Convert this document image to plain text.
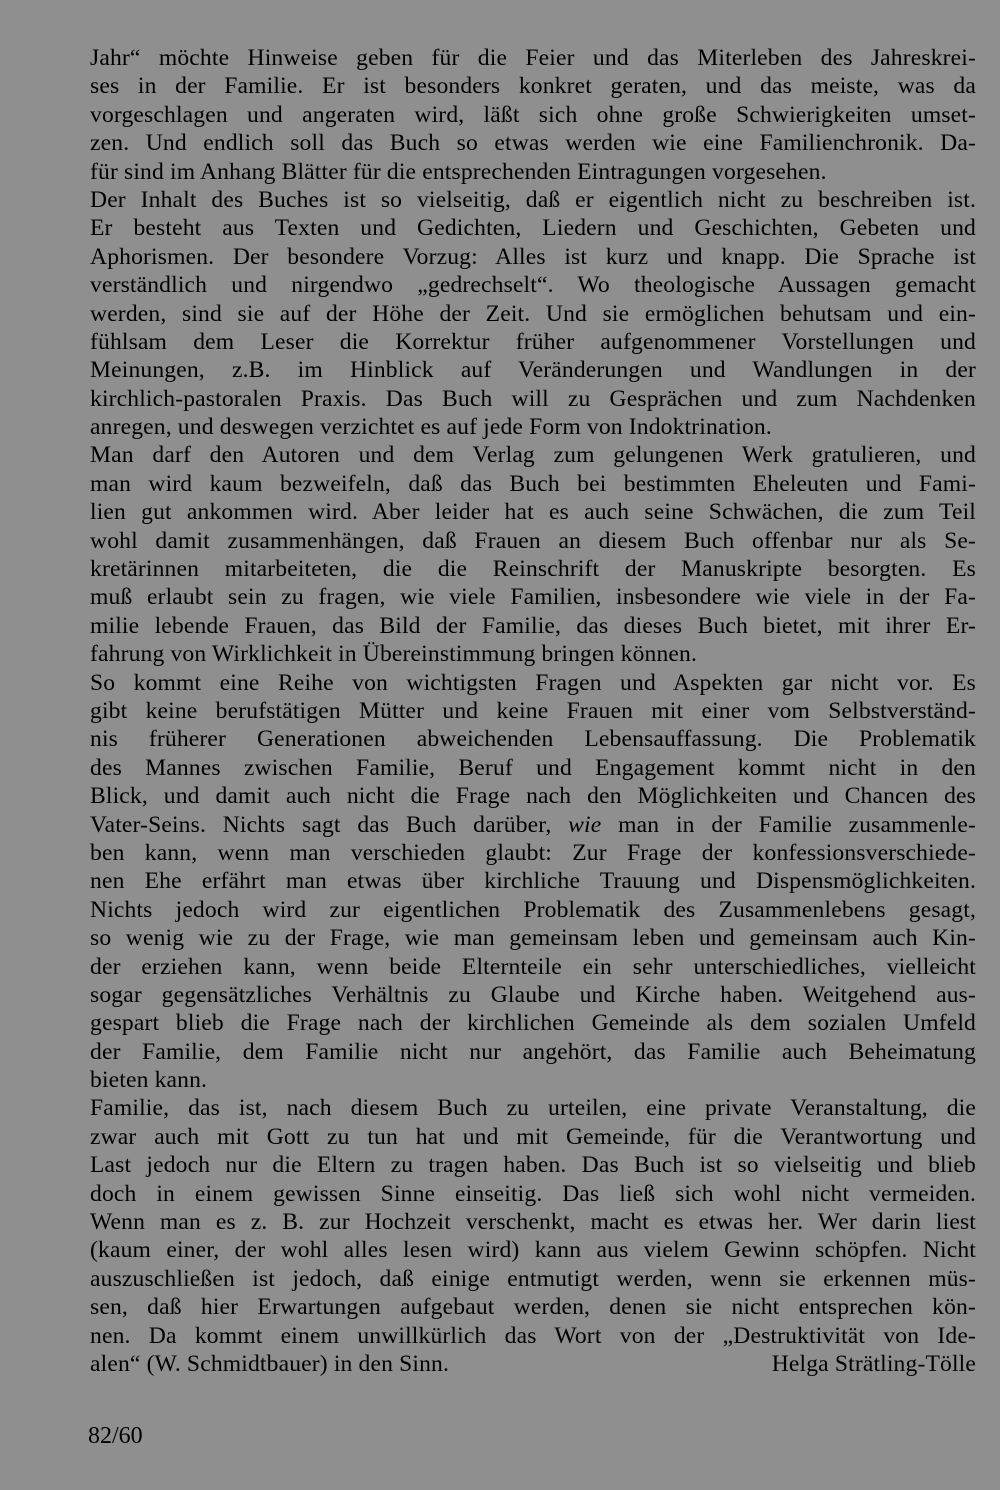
Jahr“ möchte Hinweise geben für die Feier und das Miterleben des Jahreskrei-
ses in der Familie. Er ist besonders konkret geraten, und das meiste, was da
vorgeschlagen und angeraten wird, läßt sich ohne große Schwierigkeiten umset-
zen. Und endlich soll das Buch so etwas werden wie eine Familienchronik. Da-
für sind im Anhang Blätter für die entsprechenden Eintragungen vorgesehen.
Der Inhalt des Buches ist so vielseitig, daß er eigentlich nicht zu beschreiben ist.
Er besteht aus Texten und Gedichten, Liedern und Geschichten, Gebeten und
Aphorismen. Der besondere Vorzug: Alles ist kurz und knapp. Die Sprache ist
verständlich und nirgendwo „gedrechselt“. Wo theologische Aussagen gemacht
werden, sind sie auf der Höhe der Zeit. Und sie ermöglichen behutsam und ein-
fühlsam dem Leser die Korrektur früher aufgenommener Vorstellungen und
Meinungen, z.B. im Hinblick auf Veränderungen und Wandlungen in der
kirchlich-pastoralen Praxis. Das Buch will zu Gesprächen und zum Nachdenken
anregen, und deswegen verzichtet es auf jede Form von Indoktrination.
Man darf den Autoren und dem Verlag zum gelungenen Werk gratulieren, und
man wird kaum bezweifeln, daß das Buch bei bestimmten Eheleuten und Fami-
lien gut ankommen wird. Aber leider hat es auch seine Schwächen, die zum Teil
wohl damit zusammenhängen, daß Frauen an diesem Buch offenbar nur als Se-
kretärinnen mitarbeiteten, die die Reinschrift der Manuskripte besorgten. Es
muß erlaubt sein zu fragen, wie viele Familien, insbesondere wie viele in der Fa-
milie lebende Frauen, das Bild der Familie, das dieses Buch bietet, mit ihrer Er-
fahrung von Wirklichkeit in Übereinstimmung bringen können.
So kommt eine Reihe von wichtigsten Fragen und Aspekten gar nicht vor. Es
gibt keine berufstätigen Mütter und keine Frauen mit einer vom Selbstverständ-
nis früherer Generationen abweichenden Lebensauffassung. Die Problematik
des Mannes zwischen Familie, Beruf und Engagement kommt nicht in den
Blick, und damit auch nicht die Frage nach den Möglichkeiten und Chancen des
Vater-Seins. Nichts sagt das Buch darüber, wie man in der Familie zusammenle-
ben kann, wenn man verschieden glaubt: Zur Frage der konfessionsverschiede-
nen Ehe erfährt man etwas über kirchliche Trauung und Dispensmöglichkeiten.
Nichts jedoch wird zur eigentlichen Problematik des Zusammenlebens gesagt,
so wenig wie zu der Frage, wie man gemeinsam leben und gemeinsam auch Kin-
der erziehen kann, wenn beide Elternteile ein sehr unterschiedliches, vielleicht
sogar gegensätzliches Verhältnis zu Glaube und Kirche haben. Weitgehend aus-
gespart blieb die Frage nach der kirchlichen Gemeinde als dem sozialen Umfeld
der Familie, dem Familie nicht nur angehört, das Familie auch Beheimatung
bieten kann.
Familie, das ist, nach diesem Buch zu urteilen, eine private Veranstaltung, die
zwar auch mit Gott zu tun hat und mit Gemeinde, für die Verantwortung und
Last jedoch nur die Eltern zu tragen haben. Das Buch ist so vielseitig und blieb
doch in einem gewissen Sinne einseitig. Das ließ sich wohl nicht vermeiden.
Wenn man es z. B. zur Hochzeit verschenkt, macht es etwas her. Wer darin liest
(kaum einer, der wohl alles lesen wird) kann aus vielem Gewinn schöpfen. Nicht
auszuschließen ist jedoch, daß einige entmutigt werden, wenn sie erkennen müs-
sen, daß hier Erwartungen aufgebaut werden, denen sie nicht entsprechen kön-
nen. Da kommt einem unwillkürlich das Wort von der „Destruktivität von Ide-
alen“ (W. Schmidtbauer) in den Sinn.	Helga Strätling-Tölle
82/60
